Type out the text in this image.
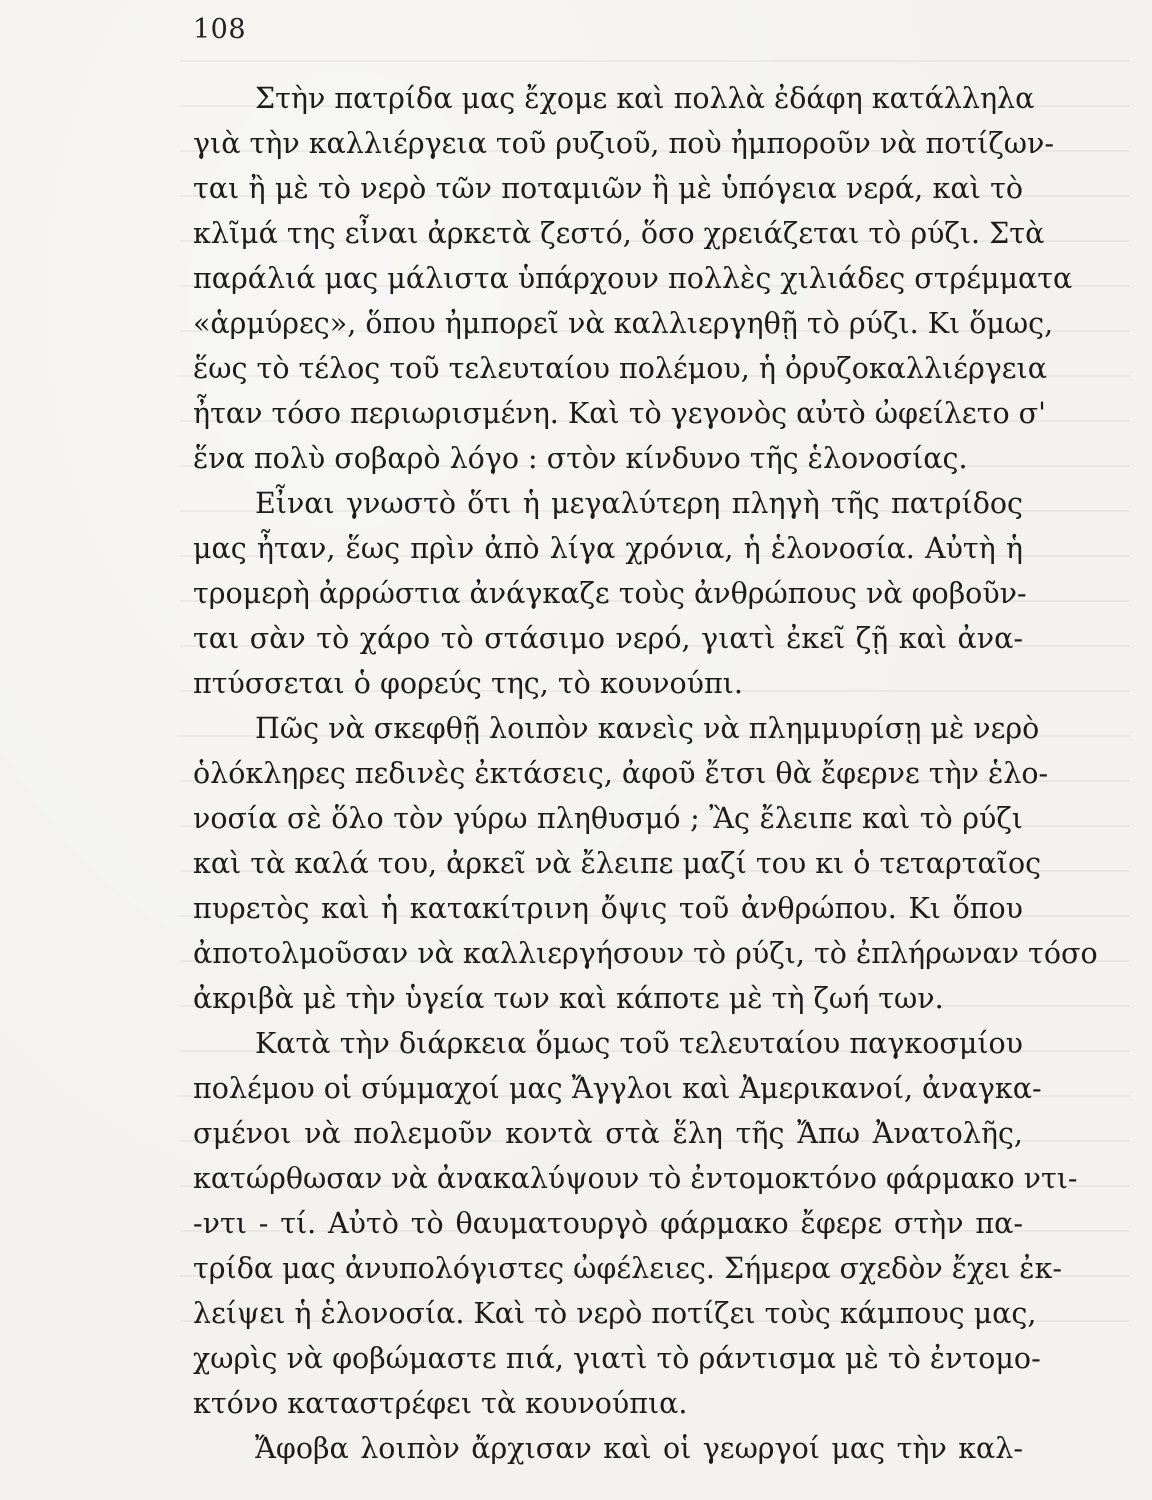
108
Στὴν πατρίδα μας ἔχομε καὶ πολλὰ ἐδάφη κατάλληλα
γιὰ τὴν καλλιέργεια τοῦ ρυζιοῦ, ποὺ ἠμποροῦν νὰ ποτίζων-
ται ἢ μὲ τὸ νερὸ τῶν ποταμιῶν ἢ μὲ ὑπόγεια νερά, καὶ τὸ
κλῖμά της εἶναι ἀρκετὰ ζεστό, ὅσο χρειάζεται τὸ ρύζι. Στὰ
παράλιά μας μάλιστα ὑπάρχουν πολλὲς χιλιάδες στρέμματα
«ἁρμύρες», ὅπου ἠμπορεῖ νὰ καλλιεργηθῇ τὸ ρύζι. Κι ὅμως,
ἕως τὸ τέλος τοῦ τελευταίου πολέμου, ἡ ὀρυζοκαλλιέργεια
ἦταν τόσο περιωρισμένη. Καὶ τὸ γεγονὸς αὐτὸ ὠφείλετο σ'
ἕνα πολὺ σοβαρὸ λόγο : στὸν κίνδυνο τῆς ἑλονοσίας.
Εἶναι γνωστὸ ὅτι ἡ μεγαλύτερη πληγὴ τῆς πατρίδος
μας ἦταν, ἕως πρὶν ἀπὸ λίγα χρόνια, ἡ ἑλονοσία. Αὐτὴ ἡ
τρομερὴ ἀρρώστια ἀνάγκαζε τοὺς ἀνθρώπους νὰ φοβοῦν-
ται σὰν τὸ χάρο τὸ στάσιμο νερό, γιατὶ ἐκεῖ ζῇ καὶ ἀνα-
πτύσσεται ὁ φορεύς της, τὸ κουνούπι.
Πῶς νὰ σκεφθῇ λοιπὸν κανεὶς νὰ πλημμυρίσῃ μὲ νερὸ
ὁλόκληρες πεδινὲς ἐκτάσεις, ἀφοῦ ἔτσι θὰ ἔφερνε τὴν ἑλο-
νοσία σὲ ὅλο τὸν γύρω πληθυσμό ; Ἂς ἔλειπε καὶ τὸ ρύζι
καὶ τὰ καλά του, ἀρκεῖ νὰ ἔλειπε μαζί του κι ὁ τεταρταῖος
πυρετὸς καὶ ἡ κατακίτρινη ὄψις τοῦ ἀνθρώπου. Κι ὅπου
ἀποτολμοῦσαν νὰ καλλιεργήσουν τὸ ρύζι, τὸ ἐπλήρωναν τόσο
ἀκριβὰ μὲ τὴν ὑγεία των καὶ κάποτε μὲ τὴ ζωή των.
Κατὰ τὴν διάρκεια ὅμως τοῦ τελευταίου παγκοσμίου
πολέμου οἱ σύμμαχοί μας Ἄγγλοι καὶ Ἀμερικανοί, ἀναγκα-
σμένοι νὰ πολεμοῦν κοντὰ στὰ ἕλη τῆς Ἄπω Ἀνατολῆς,
κατώρθωσαν νὰ ἀνακαλύψουν τὸ ἐντομοκτόνο φάρμακο ντι-
-ντι - τί. Αὐτὸ τὸ θαυματουργὸ φάρμακο ἔφερε στὴν πα-
τρίδα μας ἀνυπολόγιστες ὠφέλειες. Σήμερα σχεδὸν ἔχει ἐκ-
λείψει ἡ ἑλονοσία. Καὶ τὸ νερὸ ποτίζει τοὺς κάμπους μας,
χωρὶς νὰ φοβώμαστε πιά, γιατὶ τὸ ράντισμα μὲ τὸ ἐντομο-
κτόνο καταστρέφει τὰ κουνούπια.
Ἄφοβα λοιπὸν ἄρχισαν καὶ οἱ γεωργοί μας τὴν καλ-
